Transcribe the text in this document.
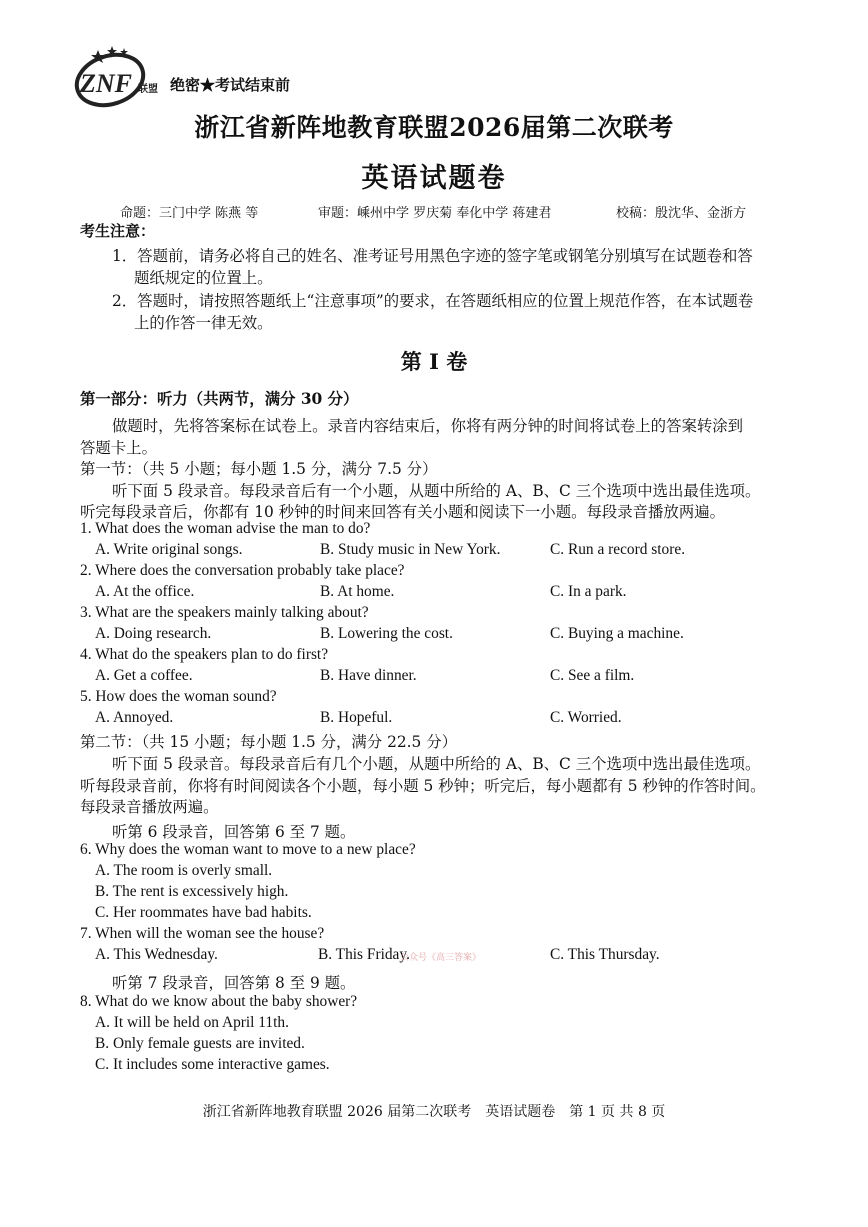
ZNF 联盟 绝密★考试结束前
浙江省新阵地教育联盟2026届第二次联考
英语试题卷
命题：三门中学 陈燕 等	审题：嵊州中学 罗庆菊 奉化中学 蒋建君	校稿：殷沈华、金浙方
考生注意：
1．答题前，请务必将自己的姓名、准考证号用黑色字迹的签字笔或钢笔分别填写在试题卷和答
题纸规定的位置上。
2．答题时，请按照答题纸上“注意事项”的要求，在答题纸相应的位置上规范作答，在本试题卷
上的作答一律无效。
第 I 卷
第一部分：听力（共两节，满分 30 分）
做题时，先将答案标在试卷上。录音内容结束后，你将有两分钟的时间将试卷上的答案转涂到
答题卡上。
第一节：（共 5 小题；每小题 1.5 分，满分 7.5 分）
听下面 5 段录音。每段录音后有一个小题，从题中所给的 A、B、C 三个选项中选出最佳选项。
听完每段录音后，你都有 10 秒钟的时间来回答有关小题和阅读下一小题。每段录音播放两遍。
1. What does the woman advise the man to do?
A. Write original songs.	B. Study music in New York.	C. Run a record store.
2. Where does the conversation probably take place?
A. At the office.	B. At home.	C. In a park.
3. What are the speakers mainly talking about?
A. Doing research.	B. Lowering the cost.	C. Buying a machine.
4. What do the speakers plan to do first?
A. Get a coffee.	B. Have dinner.	C. See a film.
5. How does the woman sound?
A. Annoyed.	B. Hopeful.	C. Worried.
第二节：（共 15 小题；每小题 1.5 分，满分 22.5 分）
听下面 5 段录音。每段录音后有几个小题，从题中所给的 A、B、C 三个选项中选出最佳选项。
听每段录音前，你将有时间阅读各个小题，每小题 5 秒钟；听完后，每小题都有 5 秒钟的作答时间。
每段录音播放两遍。
听第 6 段录音，回答第 6 至 7 题。
6. Why does the woman want to move to a new place?
A. The room is overly small.
B. The rent is excessively high.
C. Her roommates have bad habits.
7. When will the woman see the house?
A. This Wednesday.	B. This Friday.	C. This Thursday.
公众号《高三答案》
听第 7 段录音，回答第 8 至 9 题。
8. What do we know about the baby shower?
A. It will be held on April 11th.
B. Only female guests are invited.
C. It includes some interactive games.
浙江省新阵地教育联盟 2026 届第二次联考　英语试题卷　第 1 页 共 8 页
